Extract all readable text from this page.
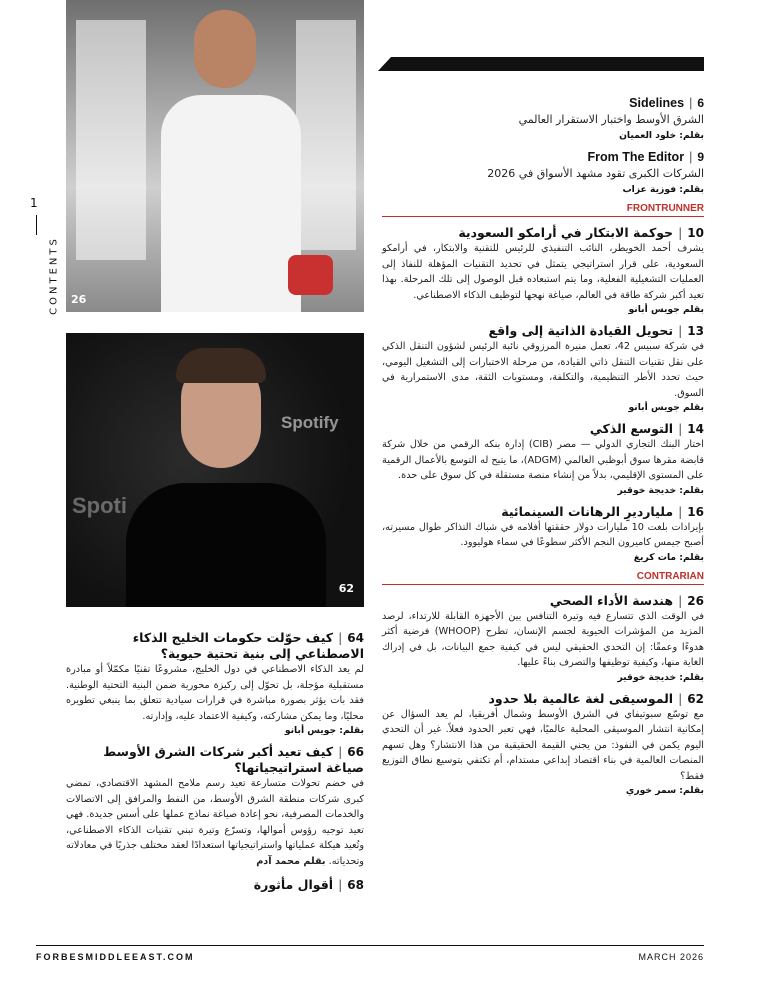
1
CONTENTS 26
Spotify
Spoti
62
Sidelines | 6
الشرق الأوسط واختبار الاستقرار العالمي
بقلم: خلود العميان
From The Editor | 9
الشركات الكبرى تقود مشهد الأسواق في 2026
بقلم: فوزية عزاب
FRONTRUNNER
10|حوكمة الابتكار في أرامكو السعودية
يشرف أحمد الخويطر، النائب التنفيذي للرئيس للتقنية والابتكار، في أرامكو السعودية، على قرار استراتيجي يتمثل في تحديد التقنيات المؤهلة للنفاذ إلى العمليات التشغيلية الفعلية، وما يتم استبعاده قبل الوصول إلى تلك المرحلة. بهذا تعيد أكبر شركة طاقة في العالم، صياغة نهجها لتوظيف الذكاء الاصطناعي.
بقلم جويس أبانو
13|تحويل القيادة الذاتية إلى واقع
في شركة سبيس 42، تعمل منيرة المرزوقي نائبة الرئيس لشؤون التنقل الذكي على نقل تقنيات التنقل ذاتي القيادة، من مرحلة الاختبارات إلى التشغيل اليومي، حيث تحدد الأطر التنظيمية، والتكلفة، ومستويات الثقة، مدى الاستمرارية في السوق.
بقلم جويس أبانو
14|التوسع الذكي
اختار البنك التجاري الدولي — مصر (CIB) إدارة بنكه الرقمي من خلال شركة قابضة مقرها سوق أبوظبي العالمي (ADGM)، ما يتيح له التوسع بالأعمال الرقمية على المستوى الإقليمي، بدلاً من إنشاء منصة مستقلة في كل سوق على حدة.
بقلم: خديجة خوقير
16|مليارديرِ الرهانات السينمائية
بإيرادات بلغت 10 مليارات دولار حققتها أفلامه في شباك التذاكر طوال مسيرته، أصبح جيمس كاميرون النجم الأكثر سطوعًا في سماء هوليوود.
بقلم: مات كريغ
CONTRARIAN
26|هندسة الأداء الصحي
في الوقت الذي تتسارع فيه وتيرة التنافس بين الأجهزة القابلة للارتداء، لرصد المزيد من المؤشرات الحيوية لجسم الإنسان، تطرح (WHOOP) فرضية أكثر هدوءًا وعمقًا: إن التحدي الحقيقي ليس في كيفية جمع البيانات، بل في إدراك الغاية منها، وكيفية توظيفها والتصرف بناءً عليها.
بقلم: خديجة خوقير
62|الموسيقى لغة عالمية بلا حدود
مع توسّع سبوتيفاي في الشرق الأوسط وشمال أفريقيا، لم يعد السؤال عن إمكانية انتشار الموسيقى المحلية عالميًا، فهي تعبر الحدود فعلاً. غير أن التحدي اليوم يكمن في النفوذ: من يجني القيمة الحقيقية من هذا الانتشار؟ وهل تسهم المنصات العالمية في بناء اقتصاد إبداعي مستدام، أم تكتفي بتوسيع نطاق التوزيع فقط؟
بقلم: سمر خوري
64|كيف حوّلت حكومات الخليج الذكاء الاصطناعي إلى بنية تحتية حيوية؟
لم يعد الذكاء الاصطناعي في دول الخليج، مشروعًا تقنيًا مكمّلاً أو مبادرة مستقبلية مؤجلة، بل تحوّل إلى ركيزة محورية ضمن البنية التحتية الوطنية. فقد بات يؤثر بصورة مباشرة في قرارات سيادية تتعلق بما ينبغي تطويره محليًا، وما يمكن مشاركته، وكيفية الاعتماد عليه، وإدارته.
بقلم: جويس أبانو
66|كيف تعيد أكبر شركات الشرق الأوسط صياغة استراتيجياتها؟
في خضم تحولات متسارعة تعيد رسم ملامح المشهد الاقتصادي، تمضي كبرى شركات منطقة الشرق الأوسط، من النفط والمرافق إلى الاتصالات والخدمات المصرفية، نحو إعادة صياغة نماذج عملها على أسس جديدة. فهي تعيد توجيه رؤوس أموالها، وتسرّع وتيرة تبني تقنيات الذكاء الاصطناعي، وتُعيد هيكلة عملياتها واستراتيجياتها استعدادًا لعقد مختلف جذريًا في معادلاته وتحدياته. بقلم محمد آدم
68|أقوال مأثورة
FORBESMIDDLEEAST.COM	MARCH 2026
